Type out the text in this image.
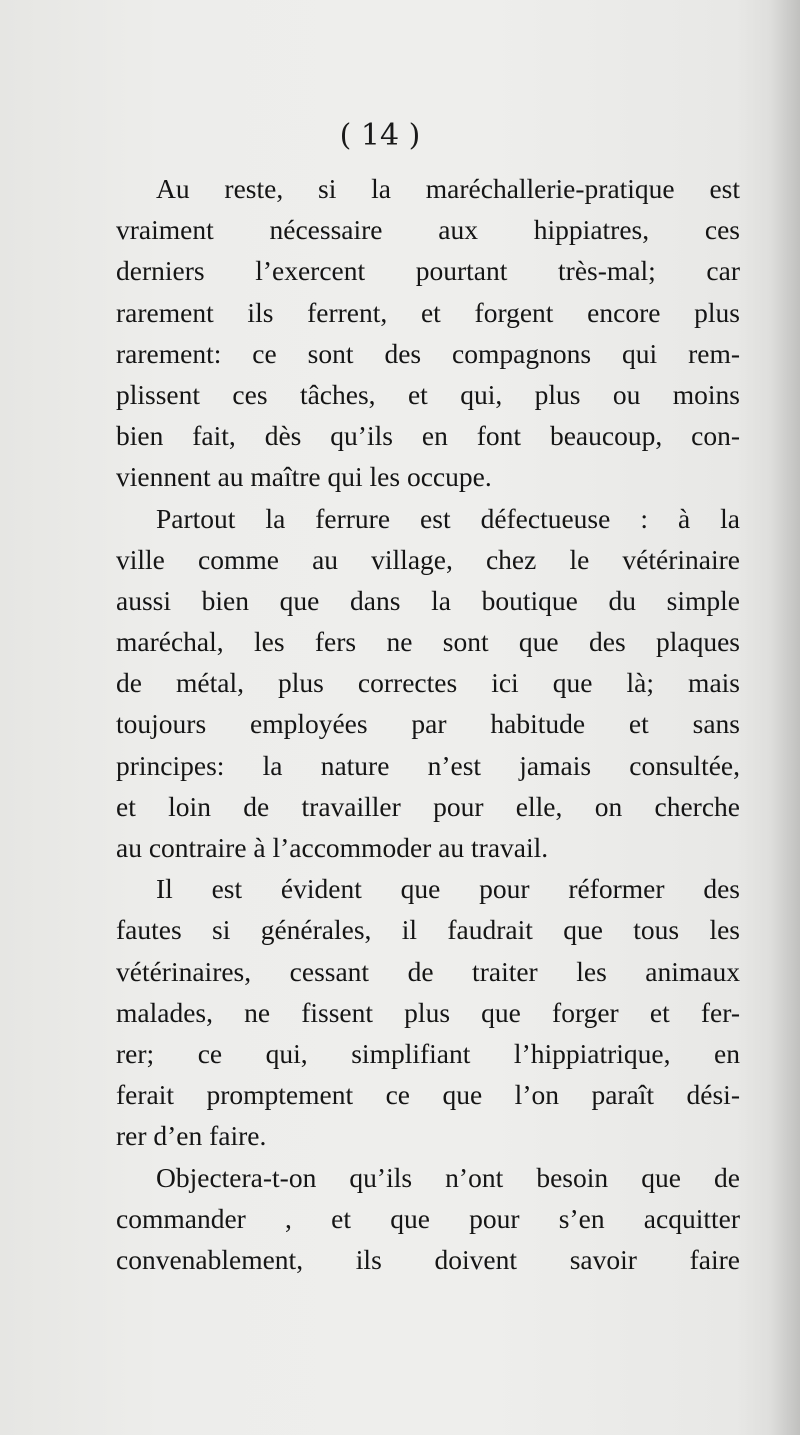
( 14 )
Au reste, si la maréchallerie-pratique est
vraiment nécessaire aux hippiatres, ces
derniers l’exercent pourtant très-mal; car
rarement ils ferrent, et forgent encore plus
rarement: ce sont des compagnons qui rem-
plissent ces tâches, et qui, plus ou moins
bien fait, dès qu’ils en font beaucoup, con-
viennent au maître qui les occupe.
Partout la ferrure est défectueuse : à la
ville comme au village, chez le vétérinaire
aussi bien que dans la boutique du simple
maréchal, les fers ne sont que des plaques
de métal, plus correctes ici que là; mais
toujours employées par habitude et sans
principes: la nature n’est jamais consultée,
et loin de travailler pour elle, on cherche
au contraire à l’accommoder au travail.
Il est évident que pour réformer des
fautes si générales, il faudrait que tous les
vétérinaires, cessant de traiter les animaux
malades, ne fissent plus que forger et fer-
rer; ce qui, simplifiant l’hippiatrique, en
ferait promptement ce que l’on paraît dési-
rer d’en faire.
Objectera-t-on qu’ils n’ont besoin que de
commander , et que pour s’en acquitter
convenablement, ils doivent savoir faire
